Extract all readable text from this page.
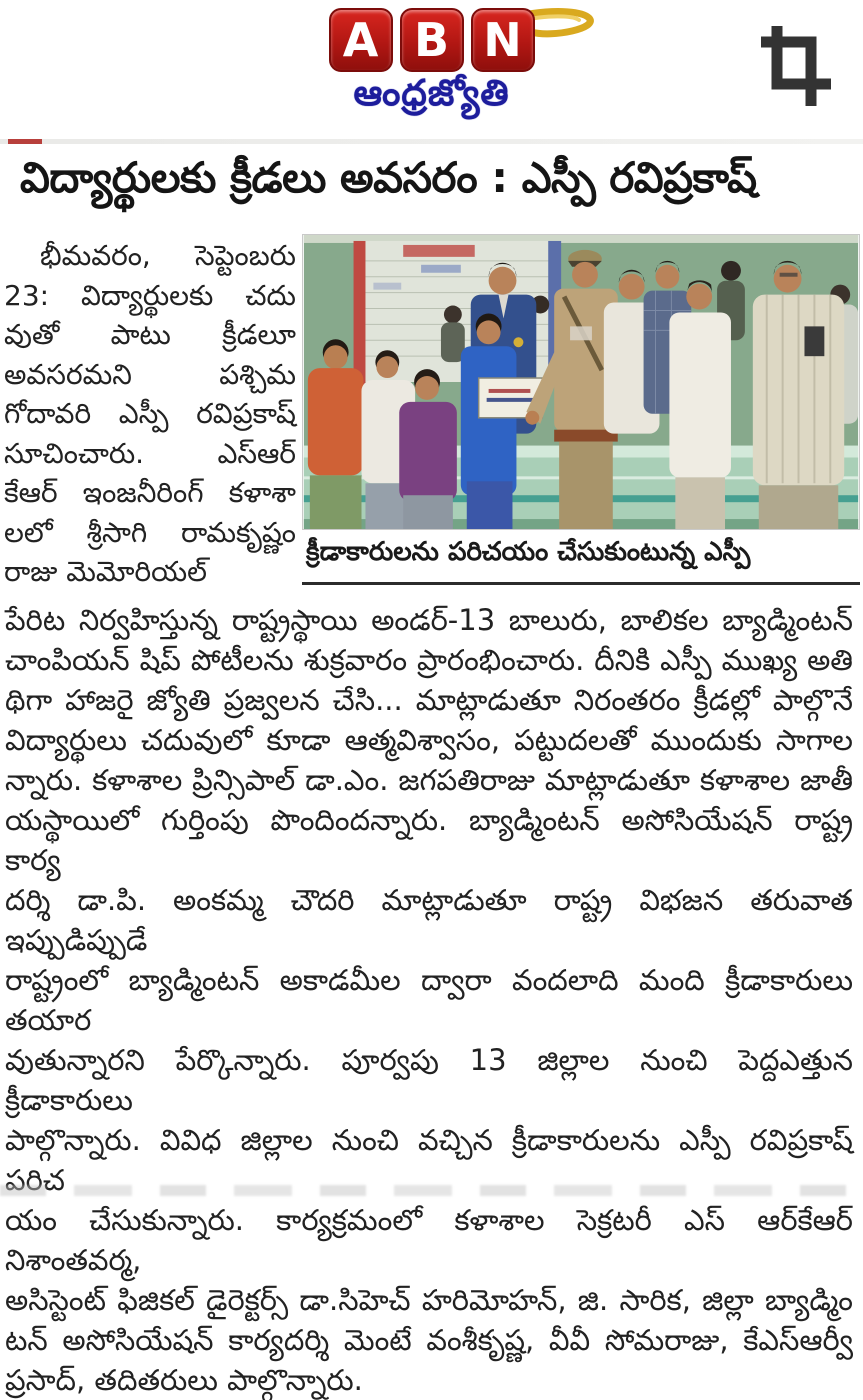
A B N
ఆంధ్రజ్యోతి
విద్యార్థులకు క్రీడలు అవసరం : ఎస్పీ రవిప్రకాష్
భీమవరం, సెప్టెంబరు
23: విద్యార్థులకు చదు
వుతో పాటు క్రీడలూ
అవసరమని పశ్చిమ
గోదావరి ఎస్పీ రవిప్రకాష్
సూచించారు. ఎస్ఆర్
కేఆర్ ఇంజనీరింగ్ కళాశా
లలో శ్రీసాగి రామకృష్ణం
రాజు మెమోరియల్
క్రీడాకారులను పరిచయం చేసుకుంటున్న ఎస్పీ
పేరిట నిర్వహిస్తున్న రాష్ట్రస్థాయి అండర్-13 బాలురు, బాలికల బ్యాడ్మింటన్
చాంపియన్ షిప్ పోటీలను శుక్రవారం ప్రారంభించారు. దీనికి ఎస్పీ ముఖ్య అతి
థిగా హాజరై జ్యోతి ప్రజ్వలన చేసి... మాట్లాడుతూ నిరంతరం క్రీడల్లో పాల్గొనే
విద్యార్థులు చదువులో కూడా ఆత్మవిశ్వాసం, పట్టుదలతో ముందుకు సాగాల
న్నారు. కళాశాల ప్రిన్సిపాల్ డా.ఎం. జగపతిరాజు మాట్లాడుతూ కళాశాల జాతీ
యస్థాయిలో గుర్తింపు పొందిందన్నారు. బ్యాడ్మింటన్ అసోసియేషన్ రాష్ట్ర కార్య
దర్శి డా.పి. అంకమ్మ చౌదరి మాట్లాడుతూ రాష్ట్ర విభజన తరువాత ఇప్పుడిప్పుడే
రాష్ట్రంలో బ్యాడ్మింటన్ అకాడమీల ద్వారా వందలాది మంది క్రీడాకారులు తయార
వుతున్నారని పేర్కొన్నారు. పూర్వపు 13 జిల్లాల నుంచి పెద్దఎత్తున క్రీడాకారులు
పాల్గొన్నారు. వివిధ జిల్లాల నుంచి వచ్చిన క్రీడాకారులను ఎస్పీ రవిప్రకాష్ పరిచ
యం చేసుకున్నారు. కార్యక్రమంలో కళాశాల సెక్రటరీ ఎస్ ఆర్‌కేఆర్ నిశాంతవర్మ,
అసిస్టెంట్ ఫిజికల్ డైరెక్టర్స్ డా.సిహెచ్ హరిమోహన్, జి. సారిక, జిల్లా బ్యాడ్మిం
టన్ అసోసియేషన్ కార్యదర్శి మెంటే వంశీకృష్ణ, వీవీ సోమరాజు, కేఎస్ఆర్వీ
ప్రసాద్, తదితరులు పాల్గొన్నారు.
